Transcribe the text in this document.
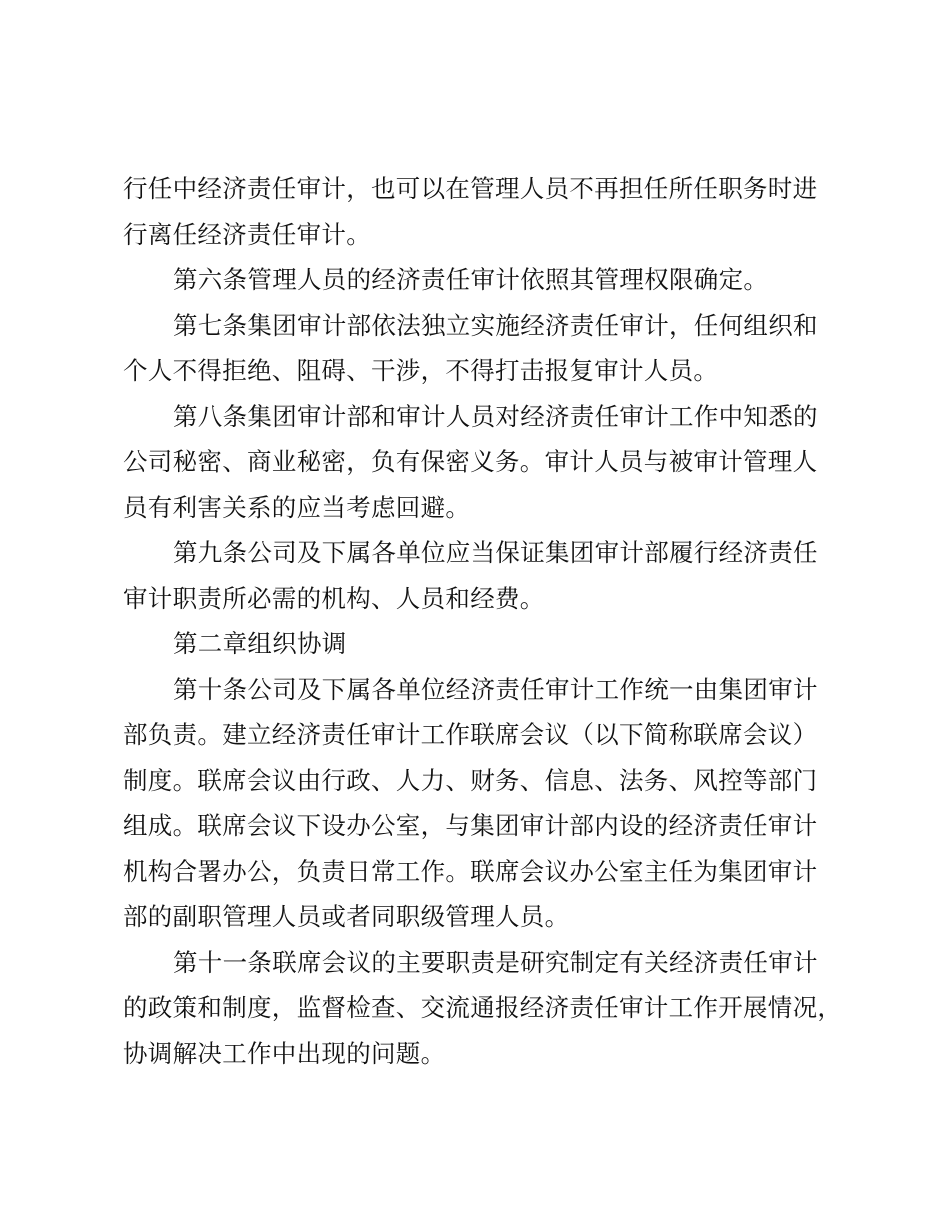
行任中经济责任审计，也可以在管理人员不再担任所任职务时进
行离任经济责任审计。
第六条管理人员的经济责任审计依照其管理权限确定。
第七条集团审计部依法独立实施经济责任审计，任何组织和
个人不得拒绝、阻碍、干涉，不得打击报复审计人员。
第八条集团审计部和审计人员对经济责任审计工作中知悉的
公司秘密、商业秘密，负有保密义务。审计人员与被审计管理人
员有利害关系的应当考虑回避。
第九条公司及下属各单位应当保证集团审计部履行经济责任
审计职责所必需的机构、人员和经费。
第二章组织协调
第十条公司及下属各单位经济责任审计工作统一由集团审计
部负责。建立经济责任审计工作联席会议（以下简称联席会议）
制度。联席会议由行政、人力、财务、信息、法务、风控等部门
组成。联席会议下设办公室，与集团审计部内设的经济责任审计
机构合署办公，负责日常工作。联席会议办公室主任为集团审计
部的副职管理人员或者同职级管理人员。
第十一条联席会议的主要职责是研究制定有关经济责任审计
的政策和制度，监督检查、交流通报经济责任审计工作开展情况，
协调解决工作中出现的问题。
